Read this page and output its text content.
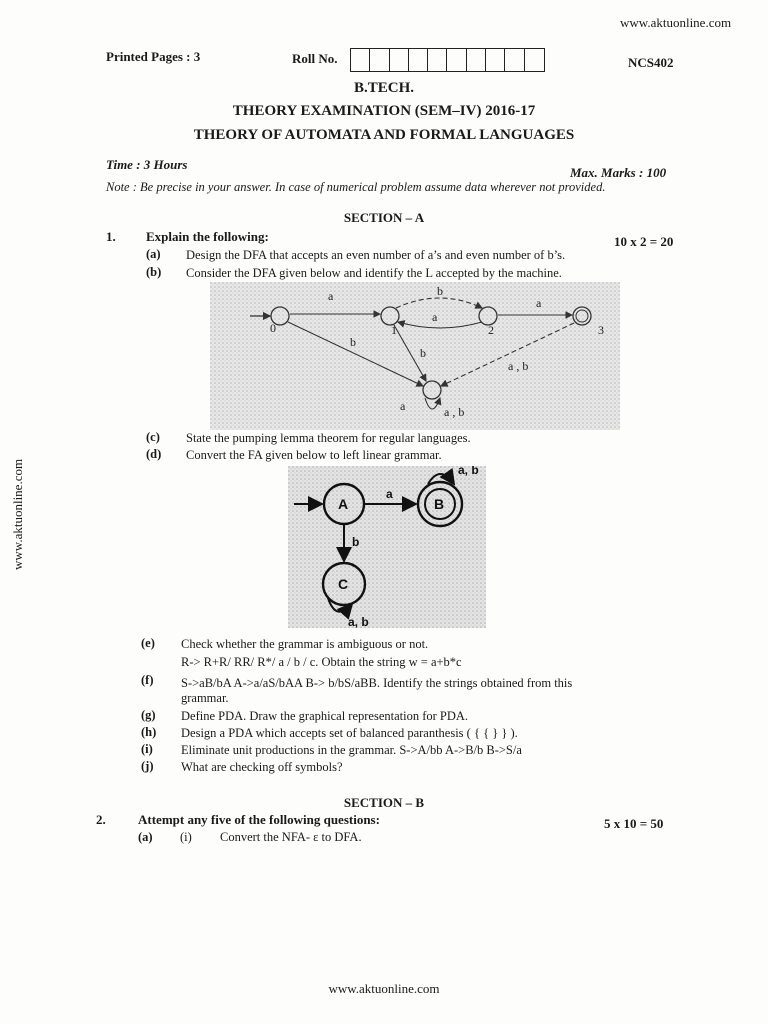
www.aktuonline.com
Printed Pages : 3	Roll No.	NCS402
B.TECH.
THEORY EXAMINATION (SEM–IV) 2016-17
THEORY OF AUTOMATA AND FORMAL LANGUAGES
Time : 3 Hours
Max. Marks : 100
Note : Be precise in your answer. In case of numerical problem assume data wherever not provided.
www.aktuonline.com
SECTION – A
1. Explain the following:	10 x 2 = 20
(a) Design the DFA that accepts an even number of a’s and even number of b’s.
(b) Consider the DFA given below and identify the L accepted by the machine.
0	1	2	3
a	b
a
a
b
b
a , b
a	a , b
(c) State the pumping lemma theorem for regular languages.
(d) Convert the FA given below to left linear grammar.
A	B
C
a
a, b
b
a, b
(e) Check whether the grammar is ambiguous or not.
R-> R+R/ RR/ R*/ a / b / c. Obtain the string w = a+b*c
(f) S->aB/bA A->a/aS/bAA B-> b/bS/aBB. Identify the strings obtained from this
grammar.
(g) Define PDA. Draw the graphical representation for PDA.
(h) Design a PDA which accepts set of balanced paranthesis ( { { } } ).
(i) Eliminate unit productions in the grammar. S->A/bb A->B/b B->S/a
(j) What are checking off symbols?
SECTION – B
2. Attempt any five of the following questions:	5 x 10 = 50
(a) (i) Convert the NFA- ε to DFA.
www.aktuonline.com
